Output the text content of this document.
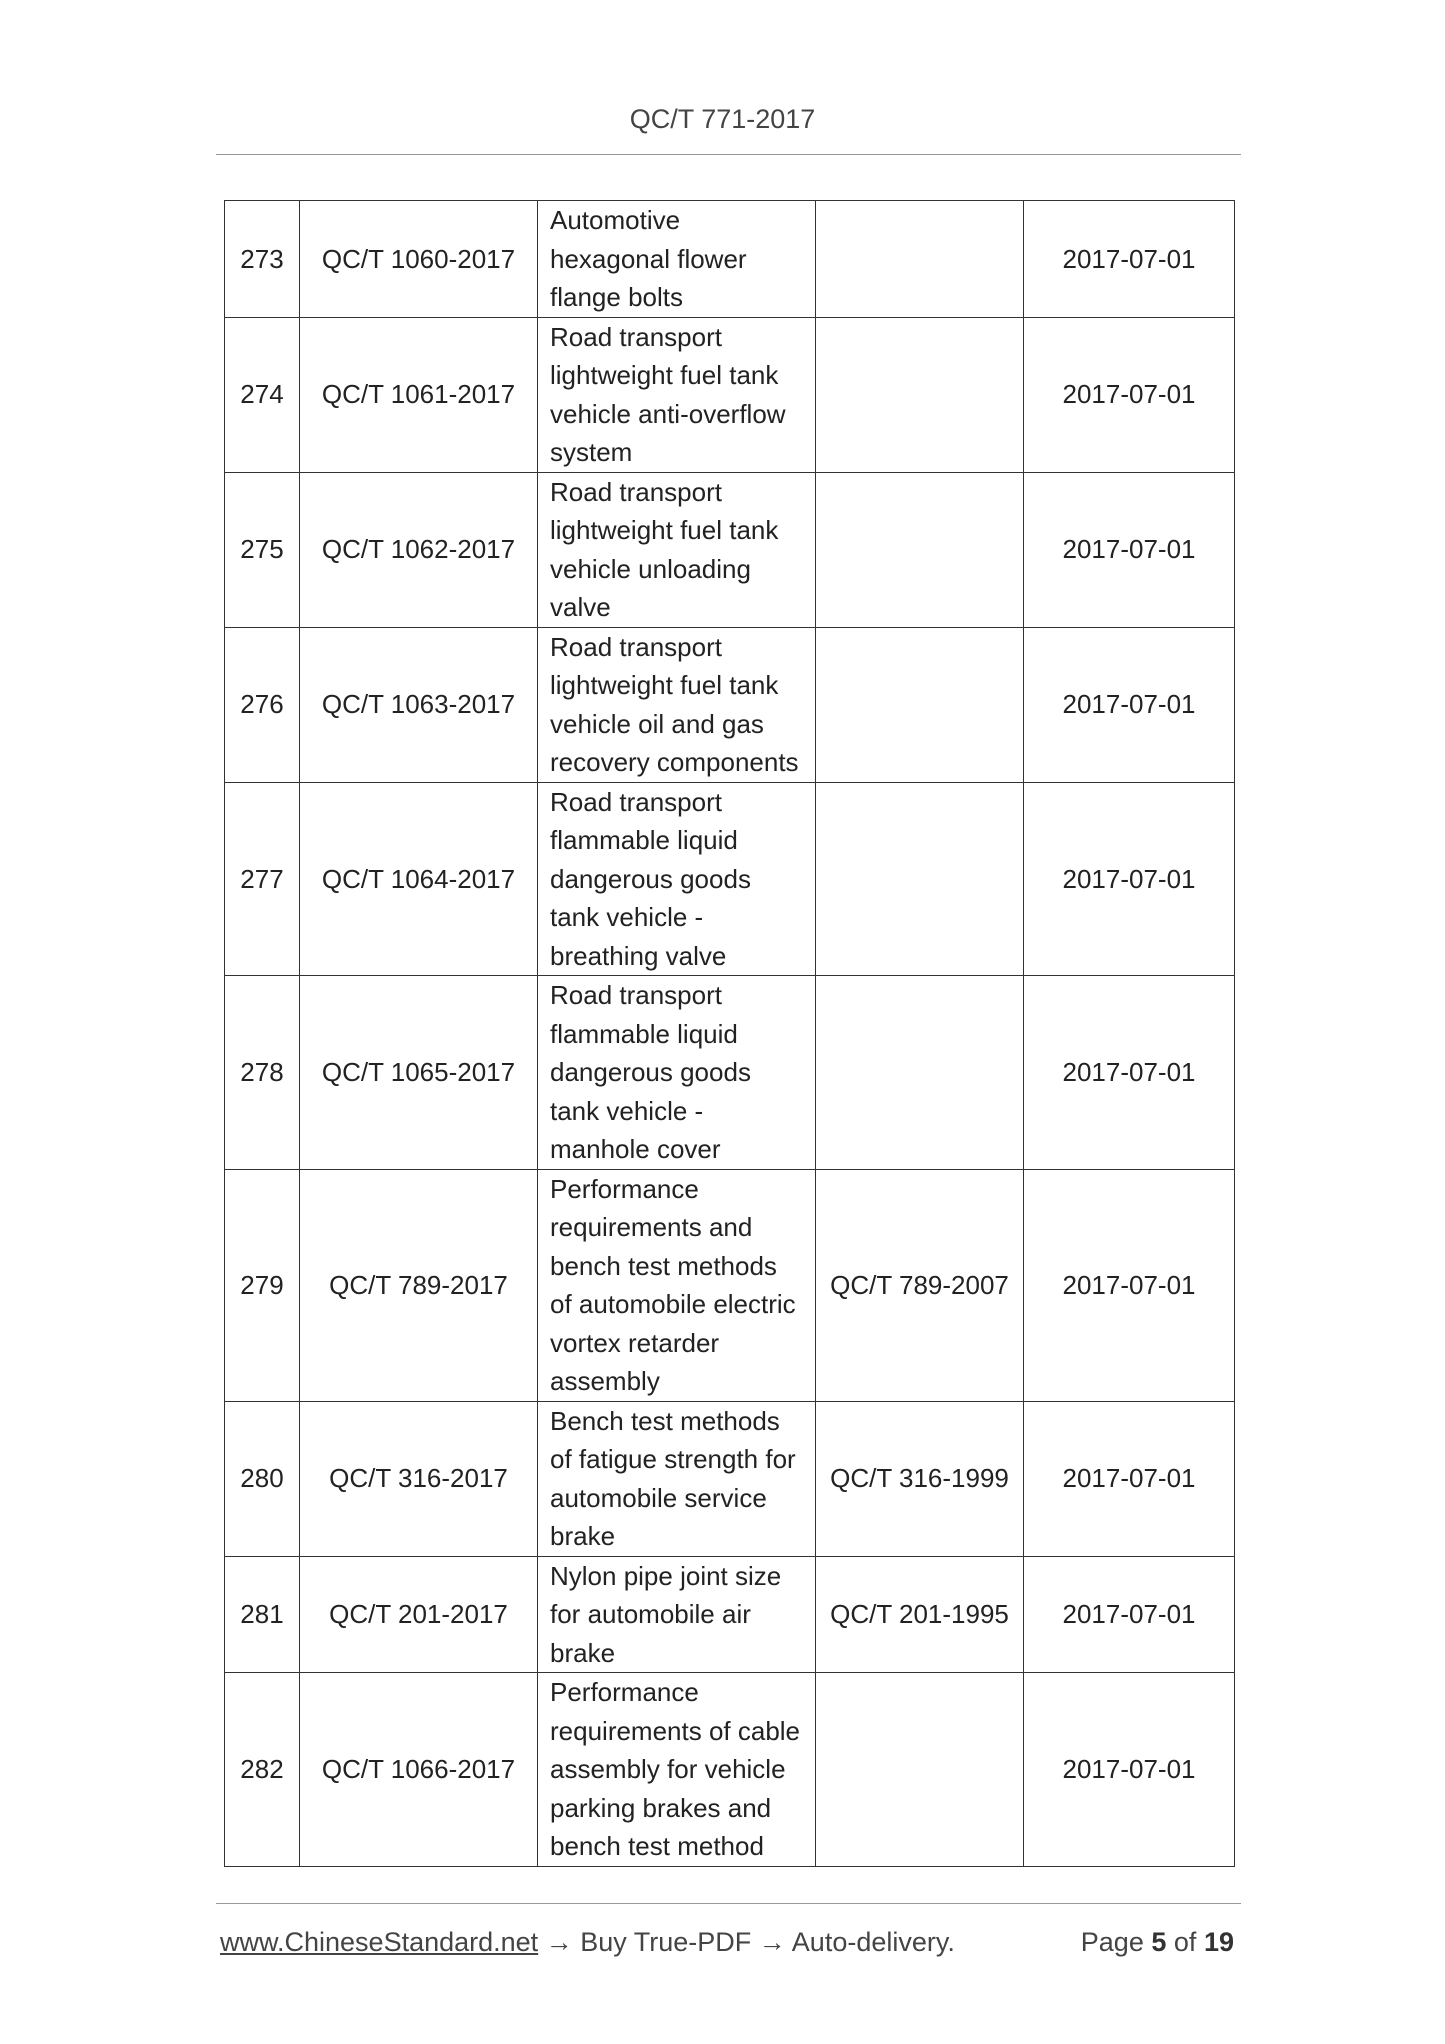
QC/T 771-2017
273	QC/T 1060-2017	Automotive hexagonal flower flange bolts		2017-07-01
274	QC/T 1061-2017	Road transport lightweight fuel tank vehicle anti-overflow system		2017-07-01
275	QC/T 1062-2017	Road transport lightweight fuel tank vehicle unloading valve		2017-07-01
276	QC/T 1063-2017	Road transport lightweight fuel tank vehicle oil and gas recovery components		2017-07-01
277	QC/T 1064-2017	Road transport flammable liquid dangerous goods tank vehicle - breathing valve		2017-07-01
278	QC/T 1065-2017	Road transport flammable liquid dangerous goods tank vehicle - manhole cover		2017-07-01
279	QC/T 789-2017	Performance requirements and bench test methods of automobile electric vortex retarder assembly	QC/T 789-2007	2017-07-01
280	QC/T 316-2017	Bench test methods of fatigue strength for automobile service brake	QC/T 316-1999	2017-07-01
281	QC/T 201-2017	Nylon pipe joint size for automobile air brake	QC/T 201-1995	2017-07-01
282	QC/T 1066-2017	Performance requirements of cable assembly for vehicle parking brakes and bench test method		2017-07-01
www.ChineseStandard.net → Buy True-PDF → Auto-delivery.	Page 5 of 19
